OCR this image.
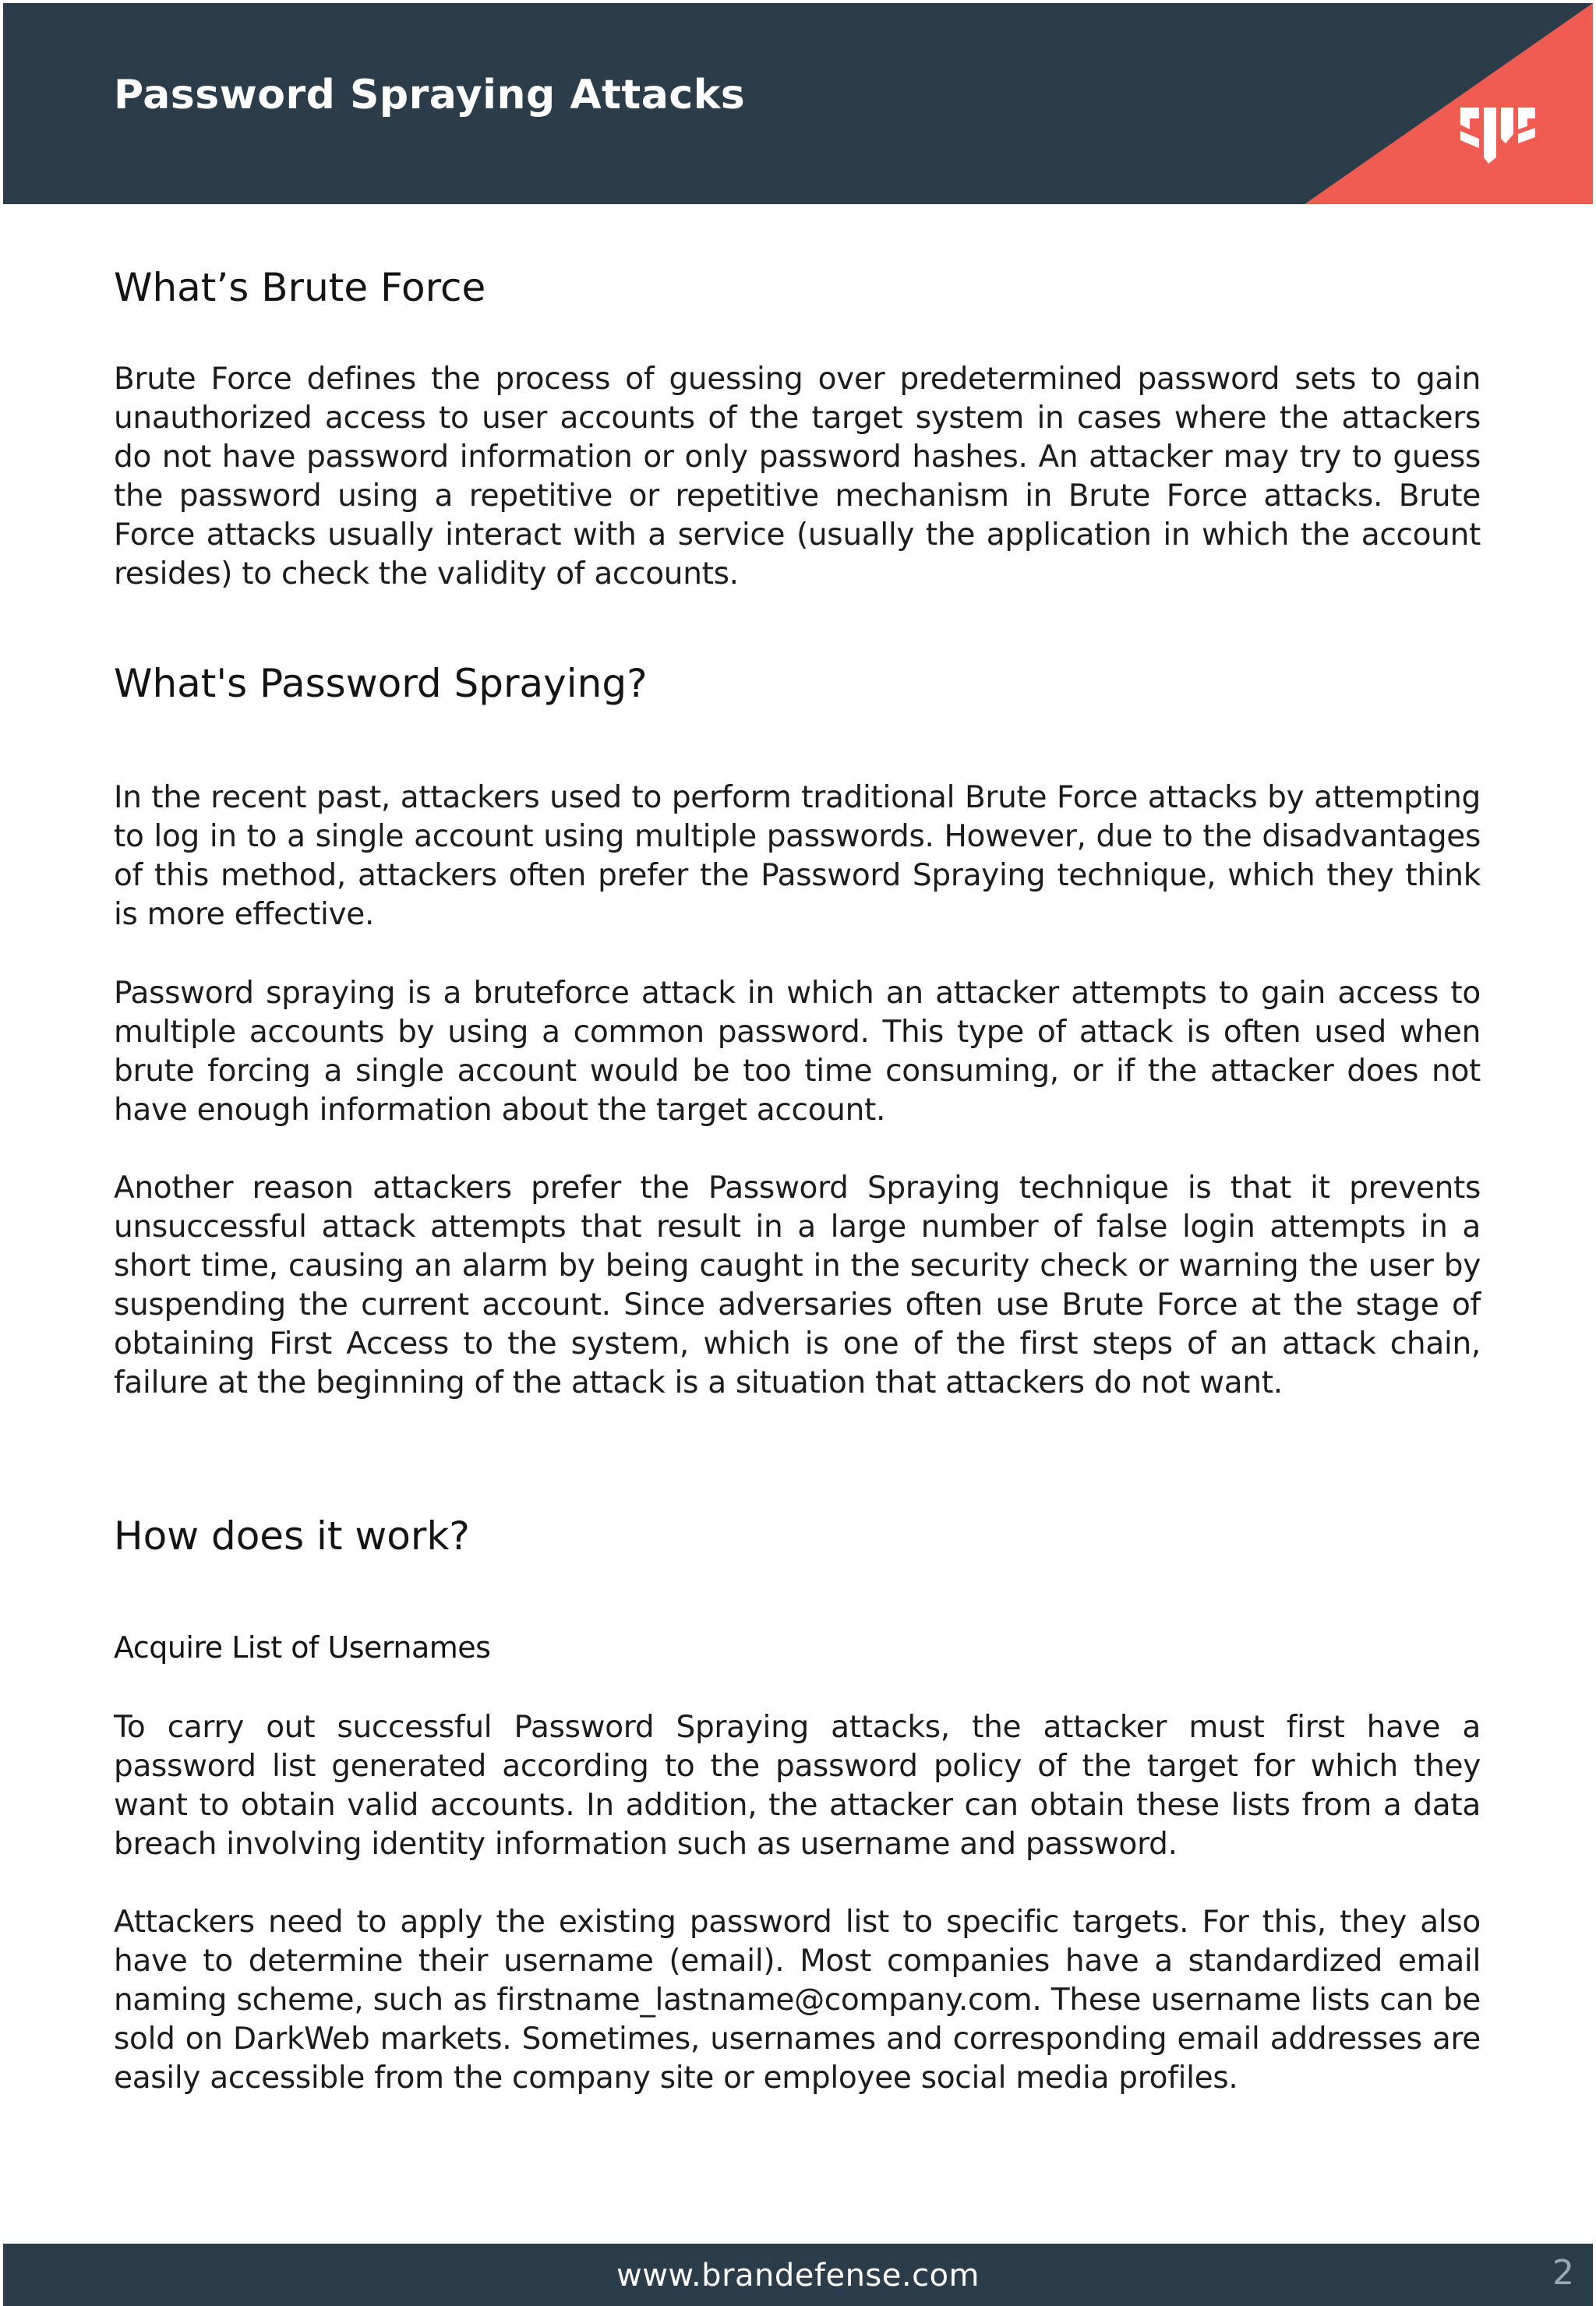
Password Spraying Attacks
What’s Brute Force

Brute Force defines the process of guessing over predetermined password sets to gain unauthorized access to user accounts of the target system in cases where the attackers do not have password information or only password hashes. An attacker may try to guess the password using a repetitive or repetitive mechanism in Brute Force attacks. Brute Force attacks usually interact with a service (usually the application in which the account resides) to check the validity of accounts.

What's Password Spraying?

In the recent past, attackers used to perform traditional Brute Force attacks by attempting to log in to a single account using multiple passwords. However, due to the disadvantages of this method, attackers often prefer the Password Spraying technique, which they think is more effective.

Password spraying is a bruteforce attack in which an attacker attempts to gain access to multiple accounts by using a common password. This type of attack is often used when brute forcing a single account would be too time consuming, or if the attacker does not have enough information about the target account.

Another reason attackers prefer the Password Spraying technique is that it prevents unsuccessful attack attempts that result in a large number of false login attempts in a short time, causing an alarm by being caught in the security check or warning the user by suspending the current account. Since adversaries often use Brute Force at the stage of obtaining First Access to the system, which is one of the first steps of an attack chain, failure at the beginning of the attack is a situation that attackers do not want.

How does it work?
Acquire List of Usernames

To carry out successful Password Spraying attacks, the attacker must first have a password list generated according to the password policy of the target for which they want to obtain valid accounts. In addition, the attacker can obtain these lists from a data breach involving identity information such as username and password.

Attackers need to apply the existing password list to specific targets. For this, they also have to determine their username (email). Most companies have a standardized email naming scheme, such as firstname_lastname@company.com. These username lists can be sold on DarkWeb markets. Sometimes, usernames and corresponding email addresses are easily accessible from the company site or employee social media profiles.

www.brandefense.com	2
